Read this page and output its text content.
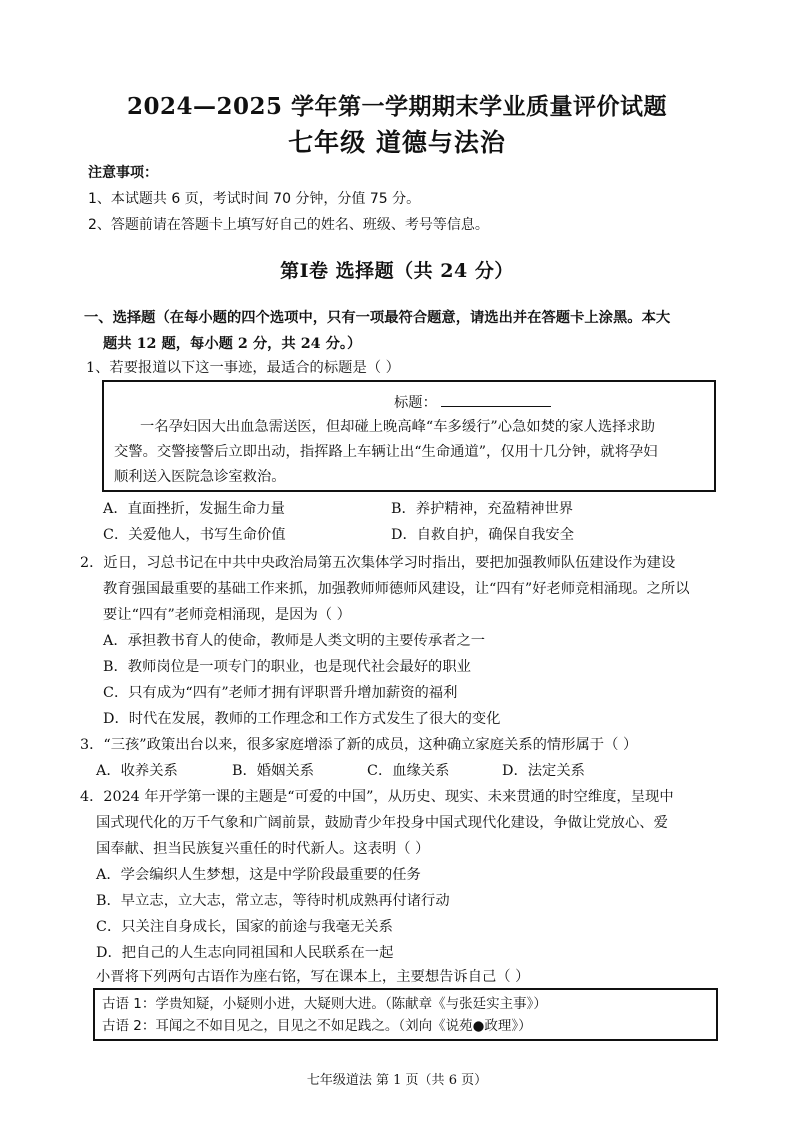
2024—2025 学年第一学期期末学业质量评价试题
七年级 道德与法治
注意事项：
1、本试题共 6 页，考试时间 70 分钟，分值 75 分。
2、答题前请在答题卡上填写好自己的姓名、班级、考号等信息。
第Ⅰ卷 选择题（共 24 分）
一、选择题（在每小题的四个选项中，只有一项最符合题意，请选出并在答题卡上涂黑。本大
题共 12 题，每小题 2 分，共 24 分。）
1、若要报道以下这一事迹，最适合的标题是（ ）
标题：
一名孕妇因大出血急需送医，但却碰上晚高峰“车多缓行”心急如焚的家人选择求助
交警。交警接警后立即出动，指挥路上车辆让出“生命通道”，仅用十几分钟，就将孕妇
顺利送入医院急诊室救治。
A．直面挫折，发掘生命力量	B．养护精神，充盈精神世界
C．关爱他人，书写生命价值	D．自救自护，确保自我安全
2．近日，习总书记在中共中央政治局第五次集体学习时指出，要把加强教师队伍建设作为建设
教育强国最重要的基础工作来抓，加强教师师德师风建设，让“四有”好老师竞相涌现。之所以
要让“四有”老师竞相涌现，是因为（ ）
A．承担教书育人的使命，教师是人类文明的主要传承者之一
B．教师岗位是一项专门的职业，也是现代社会最好的职业
C．只有成为“四有”老师才拥有评职晋升增加薪资的福利
D．时代在发展，教师的工作理念和工作方式发生了很大的变化
3．“三孩”政策出台以来，很多家庭增添了新的成员，这种确立家庭关系的情形属于（ ）
A．收养关系	B．婚姻关系	C．血缘关系	D．法定关系
4．2024 年开学第一课的主题是“可爱的中国”，从历史、现实、未来贯通的时空维度，呈现中
国式现代化的万千气象和广阔前景，鼓励青少年投身中国式现代化建设，争做让党放心、爱
国奉献、担当民族复兴重任的时代新人。这表明（ ）
A．学会编织人生梦想，这是中学阶段最重要的任务
B．早立志，立大志，常立志，等待时机成熟再付诸行动
C．只关注自身成长，国家的前途与我毫无关系
D．把自己的人生志向同祖国和人民联系在一起
小晋将下列两句古语作为座右铭，写在课本上，主要想告诉自己（ ）
古语 1：学贵知疑，小疑则小进，大疑则大进。（陈献章《与张廷实主事》）
古语 2：耳闻之不如目见之，目见之不如足践之。（刘向《说苑●政理》）
七年级道法 第 1 页（共 6 页）
